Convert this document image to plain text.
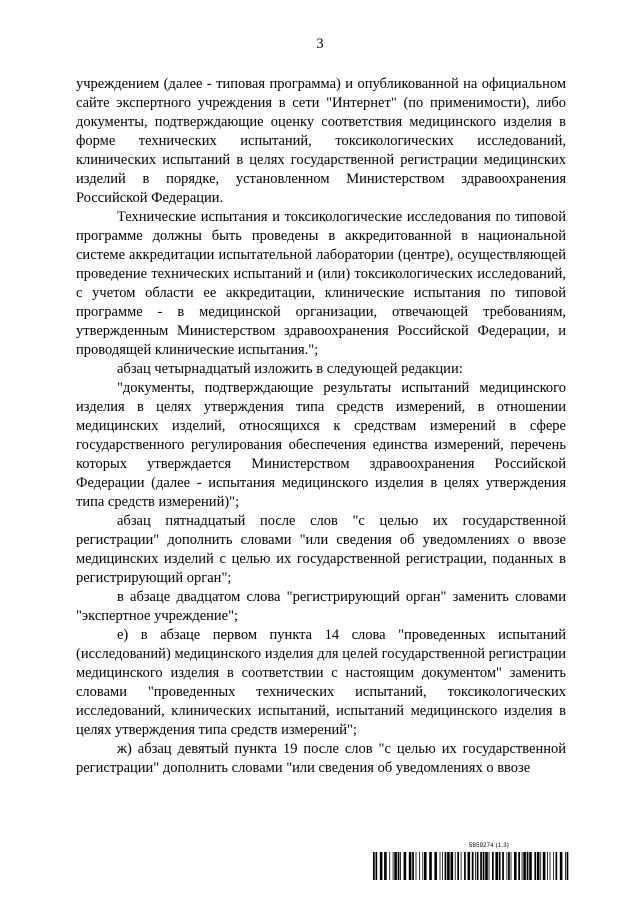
3

учреждением (далее - типовая программа) и опубликованной на официальном сайте экспертного учреждения в сети "Интернет" (по применимости), либо документы, подтверждающие оценку соответствия медицинского изделия в форме технических испытаний, токсикологических исследований, клинических испытаний в целях государственной регистрации медицинских изделий в порядке, установленном Министерством здравоохранения Российской Федерации.

Технические испытания и токсикологические исследования по типовой программе должны быть проведены в аккредитованной в национальной системе аккредитации испытательной лаборатории (центре), осуществляющей проведение технических испытаний и (или) токсикологических исследований, с учетом области ее аккредитации, клинические испытания по типовой программе - в медицинской организации, отвечающей требованиям, утвержденным Министерством здравоохранения Российской Федерации, и проводящей клинические испытания.";

абзац четырнадцатый изложить в следующей редакции:

"документы, подтверждающие результаты испытаний медицинского изделия в целях утверждения типа средств измерений, в отношении медицинских изделий, относящихся к средствам измерений в сфере государственного регулирования обеспечения единства измерений, перечень которых утверждается Министерством здравоохранения Российской Федерации (далее - испытания медицинского изделия в целях утверждения типа средств измерений)";

абзац пятнадцатый после слов "с целью их государственной регистрации" дополнить словами "или сведения об уведомлениях о ввозе медицинских изделий с целью их государственной регистрации, поданных в регистрирующий орган";

в абзаце двадцатом слова "регистрирующий орган" заменить словами "экспертное учреждение";

е) в абзаце первом пункта 14 слова "проведенных испытаний (исследований) медицинского изделия для целей государственной регистрации медицинского изделия в соответствии с настоящим документом" заменить словами "проведенных технических испытаний, токсикологических исследований, клинических испытаний, испытаний медицинского изделия в целях утверждения типа средств измерений";

ж) абзац девятый пункта 19 после слов "с целью их государственной регистрации" дополнить словами "или сведения об уведомлениях о ввозе

5859274 (1.3)
